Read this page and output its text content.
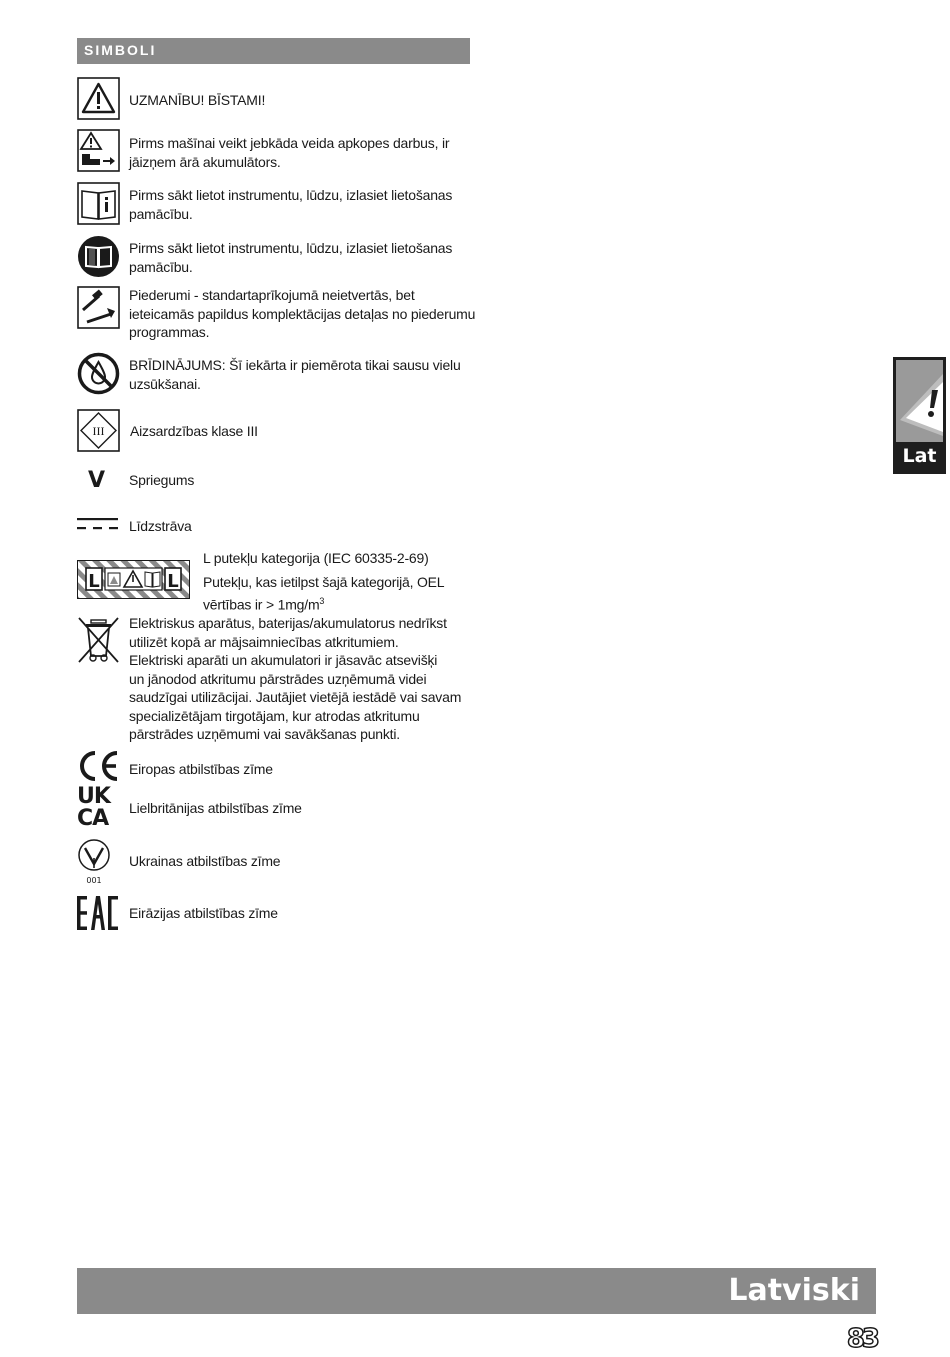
SIMBOLI
UZMANĪBU! BĪSTAMI!
Pirms mašīnai veikt jebkāda veida apkopes darbus, ir
jāizņem ārā akumulātors.
Pirms sākt lietot instrumentu, lūdzu, izlasiet lietošanas
pamācību.
Pirms sākt lietot instrumentu, lūdzu, izlasiet lietošanas
pamācību.
Piederumi - standartaprīkojumā neietvertās, bet
ieteicamās papildus komplektācijas detaļas no piederumu
programmas.
BRĪDINĀJUMS: Šī iekārta ir piemērota tikai sausu vielu
uzsūkšanai.
III Aizsardzības klase III
V	Spriegums
Līdzstrāva
L	L
L putekļu kategorija (IEC 60335-2-69)
Putekļu, kas ietilpst šajā kategorijā, OEL
vērtības ir > $1mg/m^3$
Elektriskus aparātus, baterijas/akumulatorus nedrīkst
utilizēt kopā ar mājsaimniecības atkritumiem.
Elektriski aparāti un akumulatori ir jāsavāc atsevišķi
un jānodod atkritumu pārstrādes uzņēmumā videi
saudzīgai utilizācijai. Jautājiet vietējā iestādē vai savam
specializētājam tirgotājam, kur atrodas atkritumu
pārstrādes uzņēmumi vai savākšanas punkti.
Eiropas atbilstības zīme
UK
CA	Lielbritānijas atbilstības zīme
001
Ukrainas atbilstības zīme
Eirāzijas atbilstības zīme
Lat
Latviski
83
